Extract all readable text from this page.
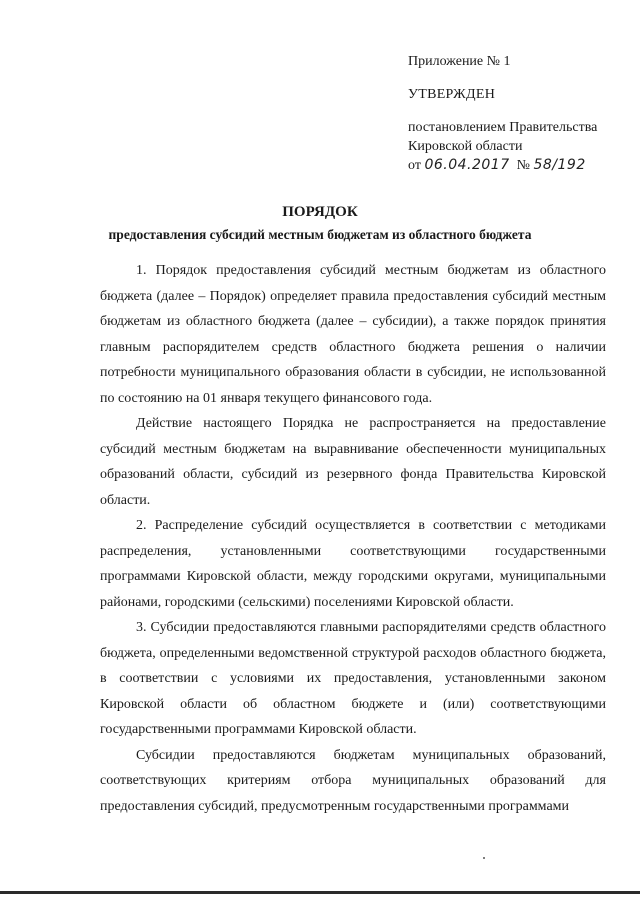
Приложение № 1
УТВЕРЖДЕН
постановлением Правительства
Кировской области
от 06.04.2017 № 58/192
ПОРЯДОК
предоставления субсидий местным бюджетам из областного бюджета

1. Порядок предоставления субсидий местным бюджетам из областного бюджета (далее – Порядок) определяет правила предоставления субсидий местным бюджетам из областного бюджета (далее – субсидии), а также порядок принятия главным распорядителем средств областного бюджета решения о наличии потребности муниципального образования области в субсидии, не использованной по состоянию на 01 января текущего финансового года.

Действие настоящего Порядка не распространяется на предоставление субсидий местным бюджетам на выравнивание обеспеченности муниципальных образований области, субсидий из резервного фонда Правительства Кировской области.

2. Распределение субсидий осуществляется в соответствии с методиками распределения, установленными соответствующими государственными программами Кировской области, между городскими округами, муниципальными районами, городскими (сельскими) поселениями Кировской области.

3. Субсидии предоставляются главными распорядителями средств областного бюджета, определенными ведомственной структурой расходов областного бюджета, в соответствии с условиями их предоставления, установленными законом Кировской области об областном бюджете и (или) соответствующими государственными программами Кировской области.

Субсидии предоставляются бюджетам муниципальных образований, соответствующих критериям отбора муниципальных образований для предоставления субсидий, предусмотренным государственными программами
